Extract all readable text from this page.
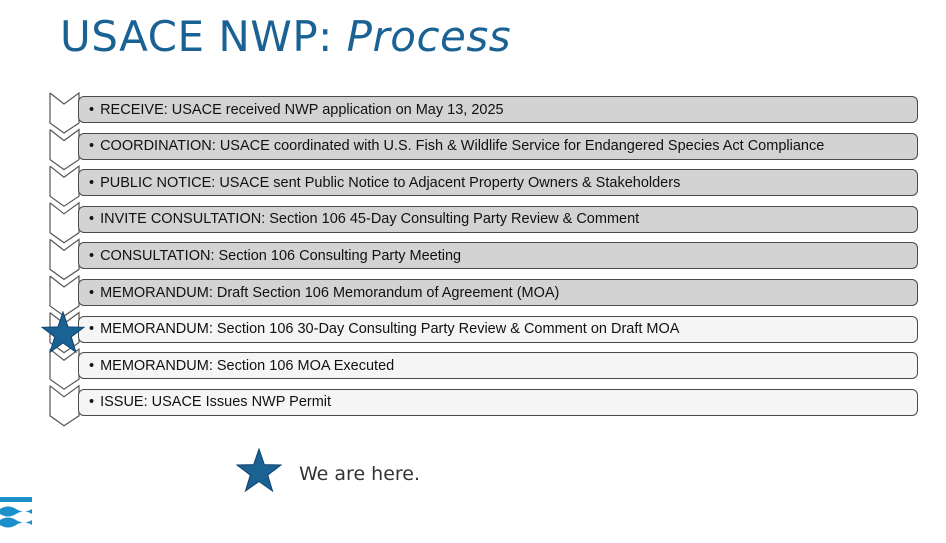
USACE NWP: Process
• RECEIVE: USACE received NWP application on May 13, 2025
• COORDINATION: USACE coordinated with U.S. Fish & Wildlife Service for Endangered Species Act Compliance
• PUBLIC NOTICE: USACE sent Public Notice to Adjacent Property Owners & Stakeholders
• INVITE CONSULTATION: Section 106 45-Day Consulting Party Review & Comment
• CONSULTATION: Section 106 Consulting Party Meeting
• MEMORANDUM: Draft Section 106 Memorandum of Agreement (MOA)
• MEMORANDUM: Section 106 30-Day Consulting Party Review & Comment on Draft MOA
• MEMORANDUM: Section 106 MOA Executed
• ISSUE: USACE Issues NWP Permit
We are here.
